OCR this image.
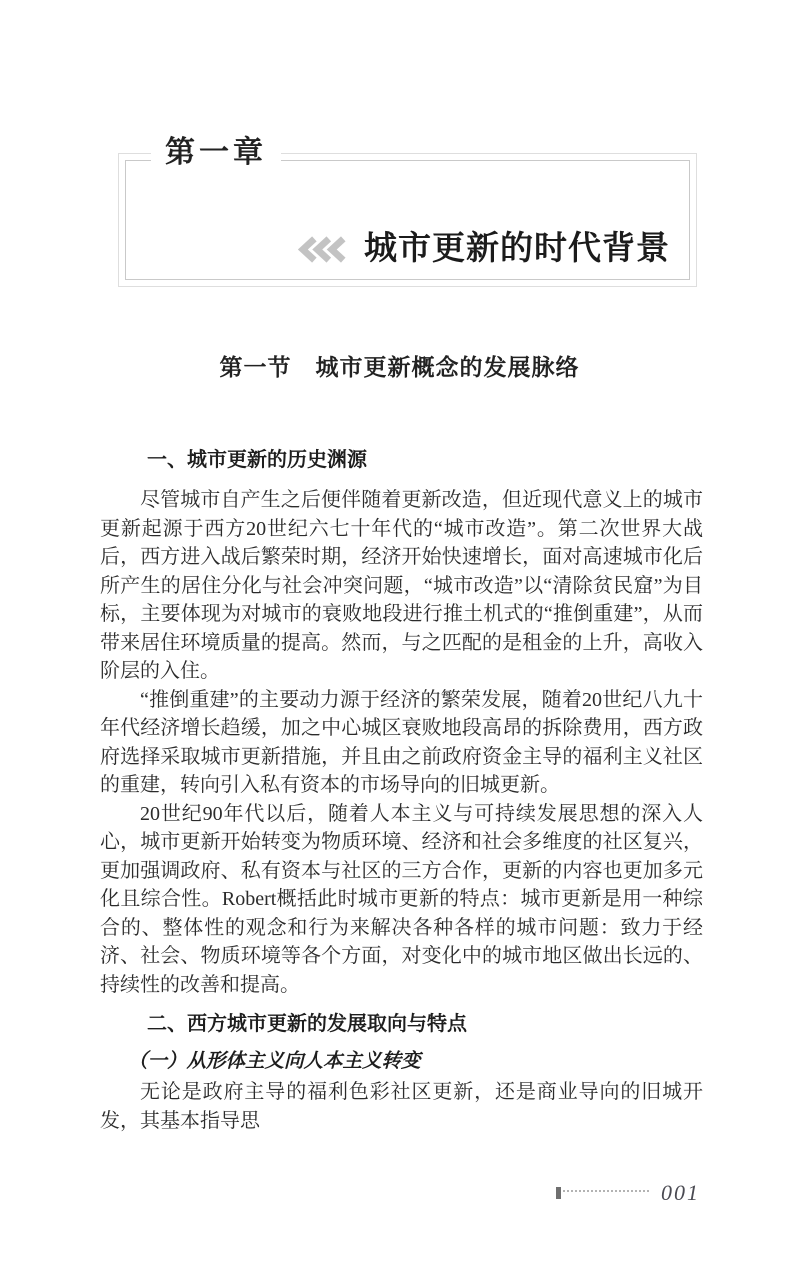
第一章
城市更新的时代背景
第一节　城市更新概念的发展脉络
一、城市更新的历史渊源

尽管城市自产生之后便伴随着更新改造，但近现代意义上的城市更新起源于西方20世纪六七十年代的“城市改造”。第二次世界大战后，西方进入战后繁荣时期，经济开始快速增长，面对高速城市化后所产生的居住分化与社会冲突问题，“城市改造”以“清除贫民窟”为目标，主要体现为对城市的衰败地段进行推土机式的“推倒重建”，从而带来居住环境质量的提高。然而，与之匹配的是租金的上升，高收入阶层的入住。

“推倒重建”的主要动力源于经济的繁荣发展，随着20世纪八九十年代经济增长趋缓，加之中心城区衰败地段高昂的拆除费用，西方政府选择采取城市更新措施，并且由之前政府资金主导的福利主义社区的重建，转向引入私有资本的市场导向的旧城更新。

20世纪90年代以后，随着人本主义与可持续发展思想的深入人心，城市更新开始转变为物质环境、经济和社会多维度的社区复兴，更加强调政府、私有资本与社区的三方合作，更新的内容也更加多元化且综合性。Robert概括此时城市更新的特点：城市更新是用一种综合的、整体性的观念和行为来解决各种各样的城市问题：致力于经济、社会、物质环境等各个方面，对变化中的城市地区做出长远的、持续性的改善和提高。

二、西方城市更新的发展取向与特点
（一）从形体主义向人本主义转变

无论是政府主导的福利色彩社区更新，还是商业导向的旧城开发，其基本指导思

001
